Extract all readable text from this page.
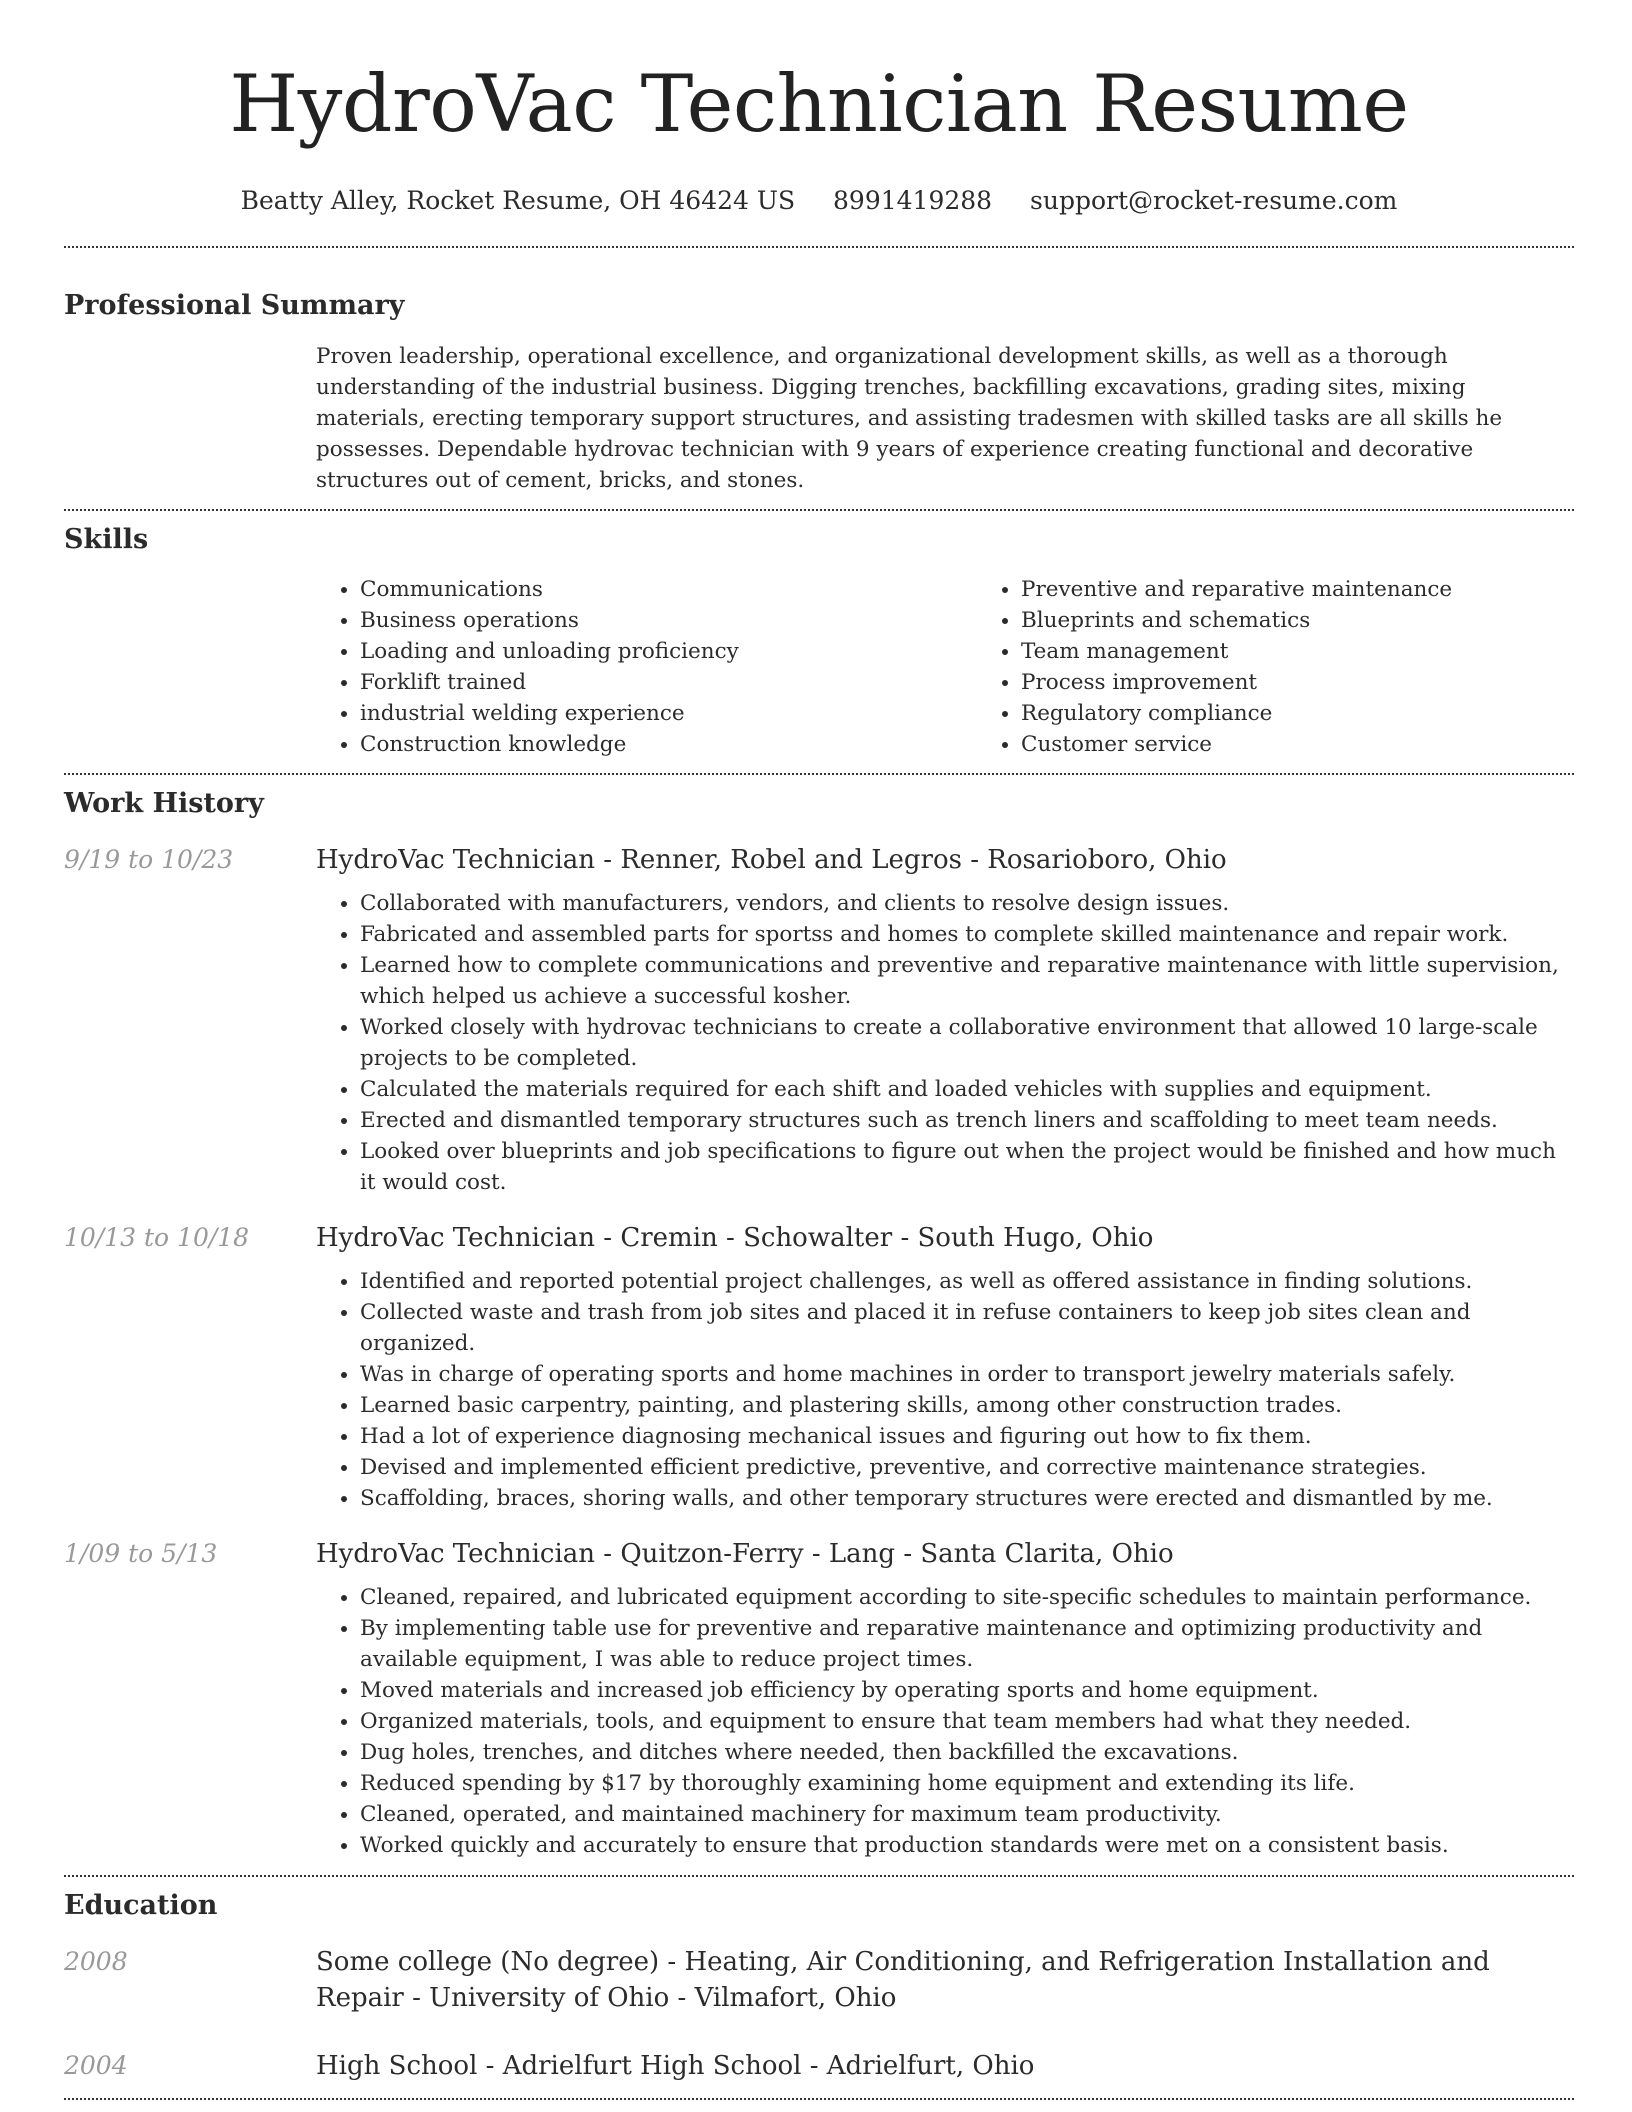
HydroVac Technician Resume
Beatty Alley, Rocket Resume, OH 46424 US 8991419288 support@rocket-resume.com
Professional Summary

Proven leadership, operational excellence, and organizational development skills, as well as a thorough understanding of the industrial business. Digging trenches, backfilling excavations, grading sites, mixing materials, erecting temporary support structures, and assisting tradesmen with skilled tasks are all skills he possesses. Dependable hydrovac technician with 9 years of experience creating functional and decorative structures out of cement, bricks, and stones.

Skills
• Communications
• Business operations
• Loading and unloading proficiency
• Forklift trained
• industrial welding experience
• Construction knowledge
• Preventive and reparative maintenance
• Blueprints and schematics
• Team management
• Process improvement
• Regulatory compliance
• Customer service
Work History
9/19 to 10/23	HydroVac Technician - Renner, Robel and Legros - Rosarioboro, Ohio
• Collaborated with manufacturers, vendors, and clients to resolve design issues.
• Fabricated and assembled parts for sportss and homes to complete skilled maintenance and repair work.
• Learned how to complete communications and preventive and reparative maintenance with little supervision, which helped us achieve a successful kosher.
• Worked closely with hydrovac technicians to create a collaborative environment that allowed 10 large-scale projects to be completed.
• Calculated the materials required for each shift and loaded vehicles with supplies and equipment.
• Erected and dismantled temporary structures such as trench liners and scaffolding to meet team needs.
• Looked over blueprints and job specifications to figure out when the project would be finished and how much it would cost.
10/13 to 10/18	HydroVac Technician - Cremin - Schowalter - South Hugo, Ohio
• Identified and reported potential project challenges, as well as offered assistance in finding solutions.
• Collected waste and trash from job sites and placed it in refuse containers to keep job sites clean and organized.
• Was in charge of operating sports and home machines in order to transport jewelry materials safely.
• Learned basic carpentry, painting, and plastering skills, among other construction trades.
• Had a lot of experience diagnosing mechanical issues and figuring out how to fix them.
• Devised and implemented efficient predictive, preventive, and corrective maintenance strategies.
• Scaffolding, braces, shoring walls, and other temporary structures were erected and dismantled by me.
1/09 to 5/13	HydroVac Technician - Quitzon-Ferry - Lang - Santa Clarita, Ohio
• Cleaned, repaired, and lubricated equipment according to site-specific schedules to maintain performance.
• By implementing table use for preventive and reparative maintenance and optimizing productivity and available equipment, I was able to reduce project times.
• Moved materials and increased job efficiency by operating sports and home equipment.
• Organized materials, tools, and equipment to ensure that team members had what they needed.
• Dug holes, trenches, and ditches where needed, then backfilled the excavations.
• Reduced spending by $17 by thoroughly examining home equipment and extending its life.
• Cleaned, operated, and maintained machinery for maximum team productivity.
• Worked quickly and accurately to ensure that production standards were met on a consistent basis.
Education
2008	Some college (No degree) - Heating, Air Conditioning, and Refrigeration Installation and Repair - University of Ohio - Vilmafort, Ohio
2004	High School - Adrielfurt High School - Adrielfurt, Ohio
